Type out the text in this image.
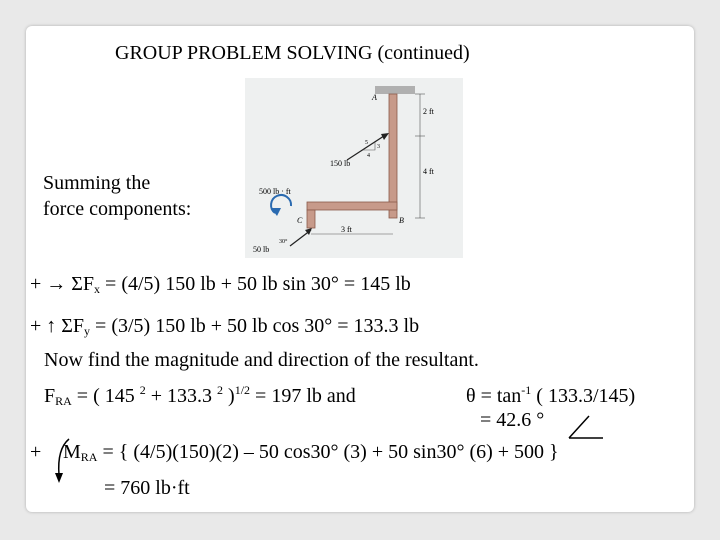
GROUP PROBLEM SOLVING (continued)
Summing the force components:
A
B
C
2 ft
4 ft
3 ft
150 lb
5
3
4
500 lb · ft
50 lb
30°
+ → $\Sigma F_x = (4/5)$ 150 lb + 50 lb sin 30° = 145 lb
+ ↑ $\Sigma F_y = (3/5)$ 150 lb + 50 lb cos 30° = 133.3 lb
Now find the magnitude and direction of the resultant.
$F_{RA}$ = ( 145 $^2$ + 133.3 $^2$ )$^{1/2}$ = 197 lb and	$\theta = \tan^{-1}$ ( 133.3/145)
= 42.6 °
+ $M_{RA}$ = { (4/5)(150)(2) – 50 cos30° (3) + 50 sin30° (6) + 500 }
= 760 lb·ft
